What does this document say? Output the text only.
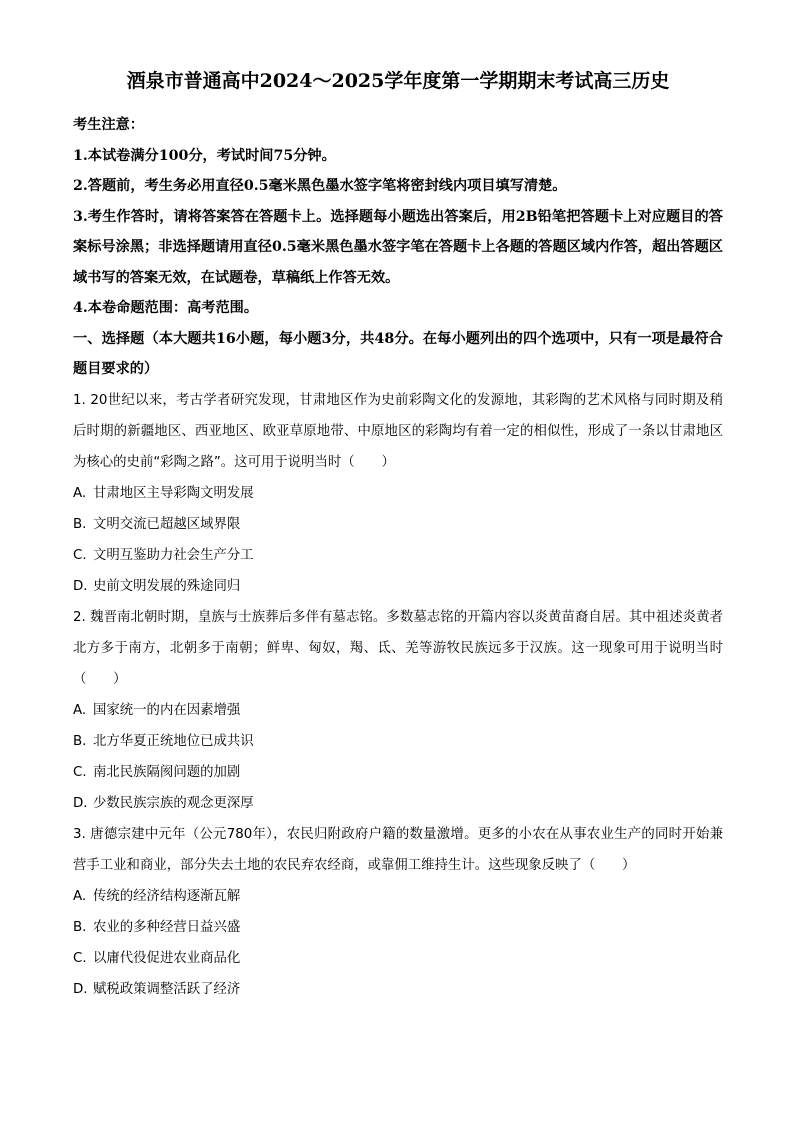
酒泉市普通高中2024～2025学年度第一学期期末考试高三历史

考生注意：

1.本试卷满分100分，考试时间75分钟。

2.答题前，考生务必用直径0.5毫米黑色墨水签字笔将密封线内项目填写清楚。

3.考生作答时，请将答案答在答题卡上。选择题每小题选出答案后，用2B铅笔把答题卡上对应题目的答案标号涂黑；非选择题请用直径0.5毫米黑色墨水签字笔在答题卡上各题的答题区域内作答，超出答题区域书写的答案无效，在试题卷，草稿纸上作答无效。

4.本卷命题范围：高考范围。

一、选择题（本大题共16小题，每小题3分，共48分。在每小题列出的四个选项中，只有一项是最符合题目要求的）

1. 20世纪以来，考古学者研究发现，甘肃地区作为史前彩陶文化的发源地，其彩陶的艺术风格与同时期及稍后时期的新疆地区、西亚地区、欧亚草原地带、中原地区的彩陶均有着一定的相似性，形成了一条以甘肃地区为核心的史前“彩陶之路”。这可用于说明当时（　　）

A. 甘肃地区主导彩陶文明发展

B. 文明交流已超越区域界限

C. 文明互鉴助力社会生产分工

D. 史前文明发展的殊途同归

2. 魏晋南北朝时期，皇族与士族葬后多伴有墓志铭。多数墓志铭的开篇内容以炎黄苗裔自居。其中祖述炎黄者北方多于南方，北朝多于南朝；鲜卑、匈奴，羯、氐、羌等游牧民族远多于汉族。这一现象可用于说明当时（　　）

A. 国家统一的内在因素增强

B. 北方华夏正统地位已成共识

C. 南北民族隔阂问题的加剧

D. 少数民族宗族的观念更深厚

3. 唐德宗建中元年（公元780年），农民归附政府户籍的数量激增。更多的小农在从事农业生产的同时开始兼营手工业和商业，部分失去土地的农民弃农经商，或靠佣工维持生计。这些现象反映了（　　）

A. 传统的经济结构逐渐瓦解

B. 农业的多种经营日益兴盛

C. 以庸代役促进农业商品化

D. 赋税政策调整活跃了经济
